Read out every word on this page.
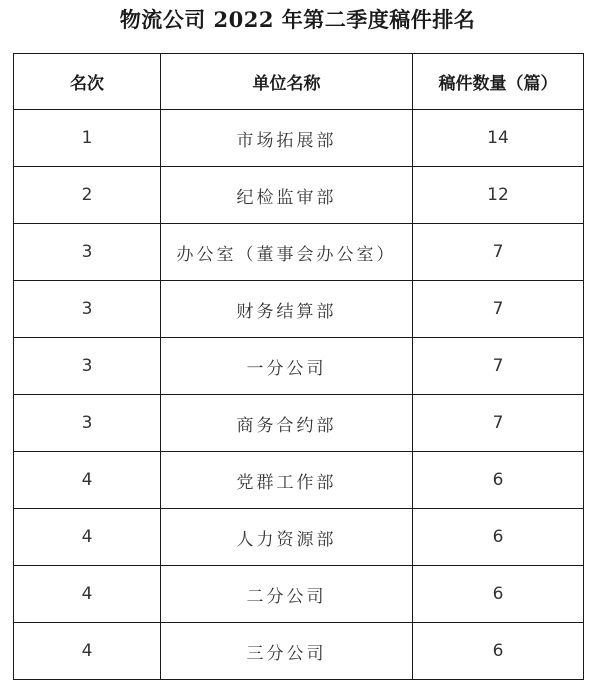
物流公司 2022 年第二季度稿件排名
名次	单位名称	稿件数量（篇）
1	市场拓展部	14
2	纪检监审部	12
3	办公室（董事会办公室）	7
3	财务结算部	7
3	一分公司	7
3	商务合约部	7
4	党群工作部	6
4	人力资源部	6
4	二分公司	6
4	三分公司	6
